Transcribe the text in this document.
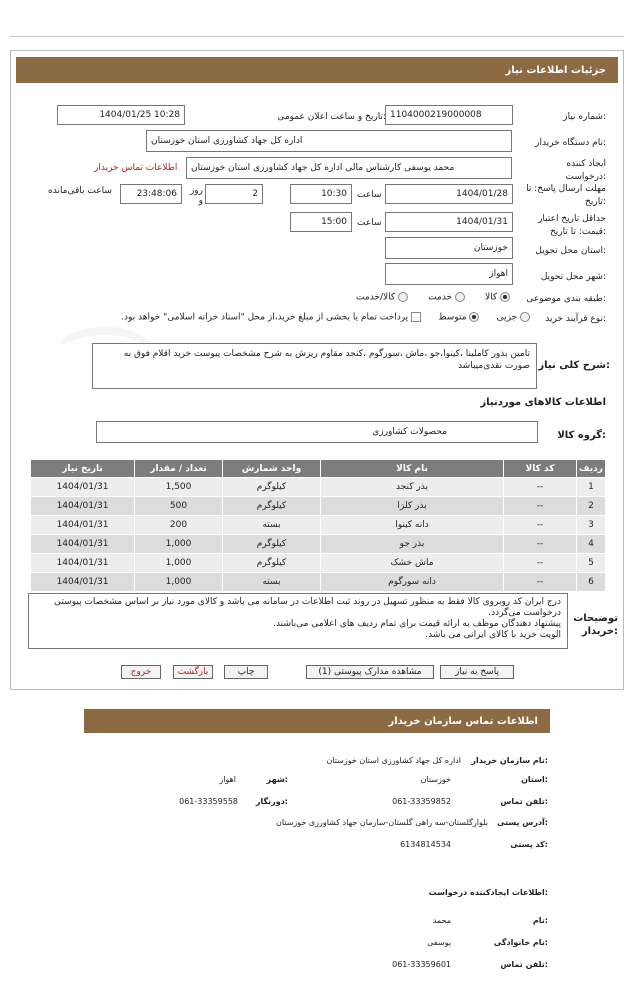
⌒
جزئیات اطلاعات نیاز
شماره نیاز:
1104000219000008
تاریخ و ساعت اعلان عمومی:
1404/01/25 10:28
نام دستگاه خریدار:
اداره کل جهاد کشاورزی استان خوزستان
ایجاد کننده درخواست:
محمد یوسفی کارشناس مالی اداره کل جهاد کشاورزی استان خوزستان
اطلاعات تماس خریدار
مهلت ارسال پاسخ: تا تاریخ:
1404/01/28
ساعت
10:30
2
روز و
23:48:06
ساعت باقی‌مانده
حداقل تاریخ اعتبار قیمت: تا تاریخ:
1404/01/31
ساعت
15:00
استان محل تحویل:
خوزستان
شهر محل تحویل:
اهواز
طبقه بندی موضوعی:
کالا        خدمت        کالا/خدمت
نوع فرآیند خرید:
جزیی       متوسط       پرداخت تمام یا بخشی از مبلغ خرید،از محل "اسناد خزانه اسلامی" خواهد بود.
شرح کلی نیاز:
تامین بذور کاملینا ،کینوا،جو ،ماش ،سورگوم ،کنجد مقاوم ریزش به شرح مشخصات پیوست خرید اقلام فوق به صورت نقدی‌میباشد
اطلاعات کالاهای موردنیاز
گروه کالا:
محصولات کشاورزی
ردیف	کد کالا	نام کالا	واحد شمارش	تعداد / مقدار	تاریخ نیاز
1	--	بذر کنجد	کیلوگرم	1,500	1404/01/31
2	--	بذر کلزا	کیلوگرم	500	1404/01/31
3	--	دانه کینوا	بسته	200	1404/01/31
4	--	بذر جو	کیلوگرم	1,000	1404/01/31
5	--	ماش خشک	کیلوگرم	1,000	1404/01/31
6	--	دانه سورگوم	بسته	1,000	1404/01/31
توضیحات خریدار:
درج ایران کد روبروی کالا فقط به منظور تسهیل در روند ثبت اطلاعات در سامانه می باشد و کالای مورد نیاز بر اساس مشخصات پیوستی درخواست می‌گردد.
پیشنهاد دهندگان موظف به ارائه قیمت برای تمام ردیف های اعلامی می‌باشند.
الویت خرید با کالای ایرانی می باشد.
پاسخ به نیاز
مشاهده مدارک پیوستی (1)
چاپ
بازگشت
خروج
اطلاعات تماس سازمان خریدار
نام سازمان خریدار:
اداره کل جهاد کشاورزی استان خوزستان
استان:
خوزستان
شهر:
اهواز
تلفن تماس:
061-33359852
دورنگار:
061-33359558
آدرس پستی:
بلوارگلستان-سه راهی گلستان-سازمان جهاد کشاورزی خوزستان
کد پستی:
6134814534
اطلاعات ایجادکننده درخواست:
نام:
محمد
نام خانوادگی:
یوسفی
تلفن تماس:
061-33359601
